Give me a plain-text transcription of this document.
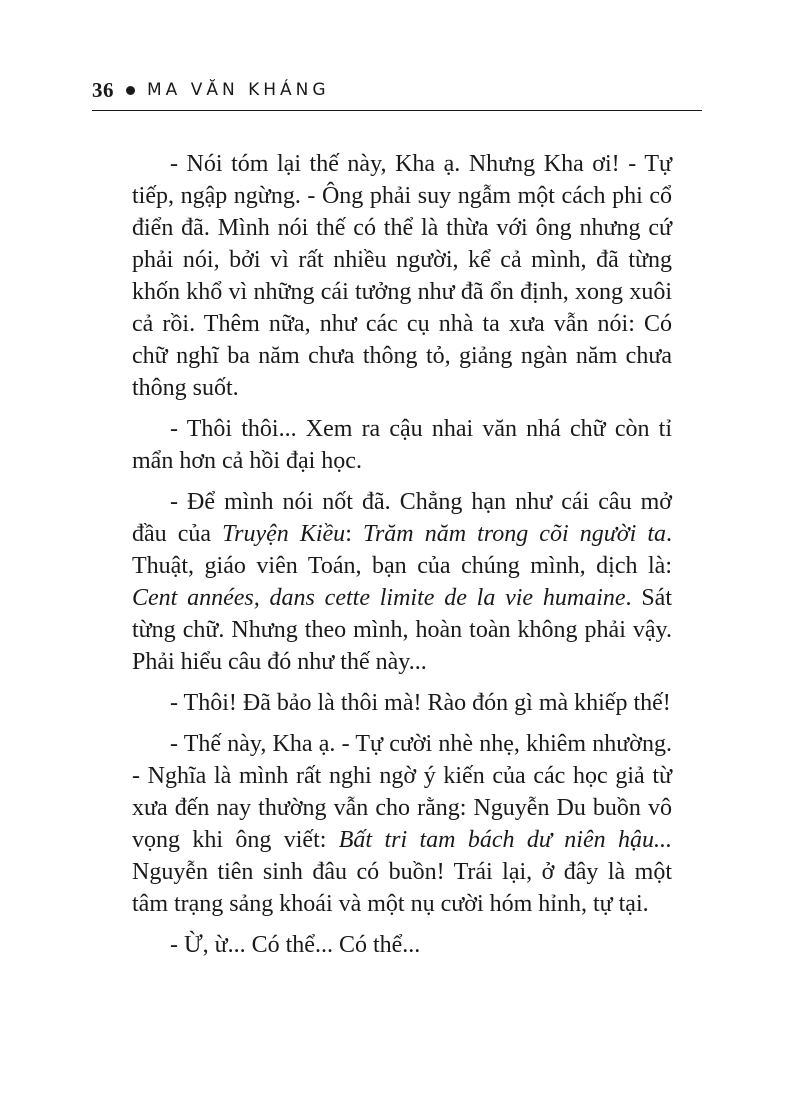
36 MA VĂN KHÁNG

- Nói tóm lại thế này, Kha ạ. Nhưng Kha ơi! - Tự tiếp, ngập ngừng. - Ông phải suy ngẫm một cách phi cổ điển đã. Mình nói thế có thể là thừa với ông nhưng cứ phải nói, bởi vì rất nhiều người, kể cả mình, đã từng khốn khổ vì những cái tưởng như đã ổn định, xong xuôi cả rồi. Thêm nữa, như các cụ nhà ta xưa vẫn nói: Có chữ nghĩ ba năm chưa thông tỏ, giảng ngàn năm chưa thông suốt.

- Thôi thôi... Xem ra cậu nhai văn nhá chữ còn tỉ mẩn hơn cả hồi đại học.

- Để mình nói nốt đã. Chẳng hạn như cái câu mở đầu của Truyện Kiều: Trăm năm trong cõi người ta. Thuật, giáo viên Toán, bạn của chúng mình, dịch là: Cent années, dans cette limite de la vie humaine. Sát từng chữ. Nhưng theo mình, hoàn toàn không phải vậy. Phải hiểu câu đó như thế này...

- Thôi! Đã bảo là thôi mà! Rào đón gì mà khiếp thế!

- Thế này, Kha ạ. - Tự cười nhè nhẹ, khiêm nhường. - Nghĩa là mình rất nghi ngờ ý kiến của các học giả từ xưa đến nay thường vẫn cho rằng: Nguyễn Du buồn vô vọng khi ông viết: Bất tri tam bách dư niên hậu... Nguyễn tiên sinh đâu có buồn! Trái lại, ở đây là một tâm trạng sảng khoái và một nụ cười hóm hỉnh, tự tại.

- Ừ, ừ... Có thể... Có thể...
